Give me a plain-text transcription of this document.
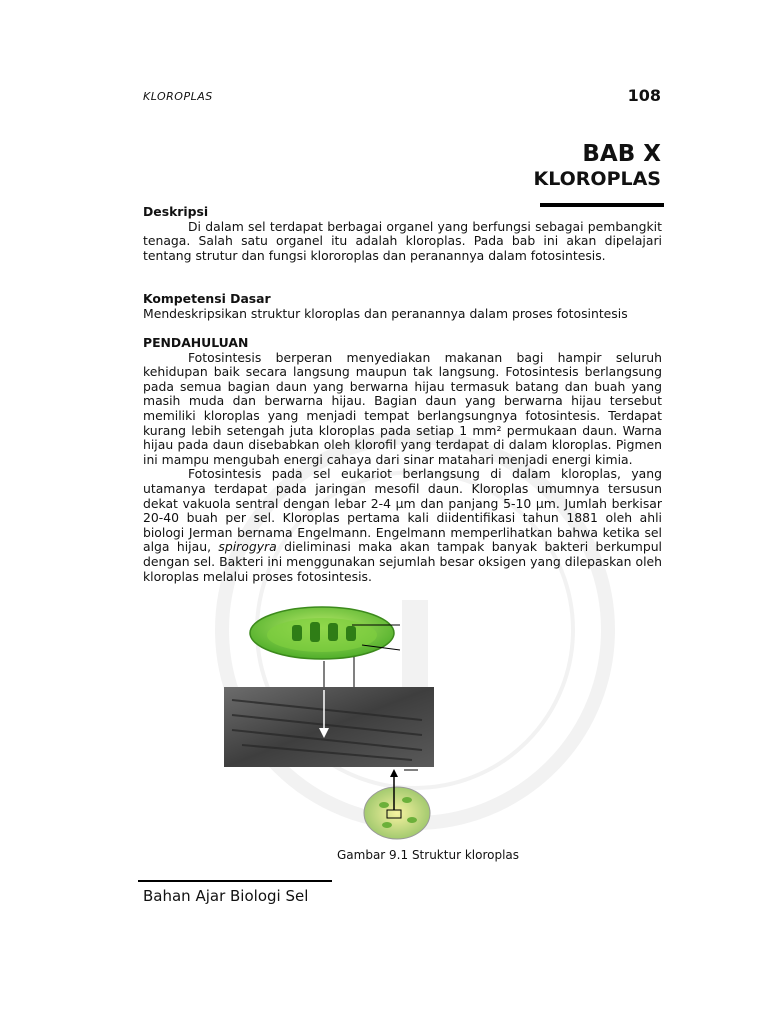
KLOROPLAS	108
BAB X
KLOROPLAS
Deskripsi
Di dalam sel terdapat berbagai organel yang berfungsi sebagai pembangkit tenaga. Salah satu organel itu adalah kloroplas. Pada bab ini akan dipelajari tentang strutur dan fungsi klororoplas dan peranannya dalam fotosintesis.
Kompetensi Dasar
Mendeskripsikan struktur kloroplas dan peranannya dalam proses fotosintesis
PENDAHULUAN
Fotosintesis berperan menyediakan makanan bagi hampir seluruh kehidupan baik secara langsung maupun tak langsung. Fotosintesis berlangsung pada semua bagian daun yang berwarna hijau termasuk batang dan buah yang masih muda dan berwarna hijau. Bagian daun yang berwarna hijau tersebut memiliki kloroplas yang menjadi tempat berlangsungnya fotosintesis. Terdapat kurang lebih setengah juta kloroplas pada setiap 1 mm² permukaan daun. Warna hijau pada daun disebabkan oleh klorofil yang terdapat di dalam kloroplas. Pigmen ini mampu mengubah energi cahaya dari sinar matahari menjadi energi kimia.
Fotosintesis pada sel eukariot berlangsung di dalam kloroplas, yang utamanya terdapat pada jaringan mesofil daun. Kloroplas umumnya tersusun dekat vakuola sentral dengan lebar 2-4 µm dan panjang 5-10 µm. Jumlah berkisar 20-40 buah per sel. Kloroplas pertama kali diidentifikasi tahun 1881 oleh ahli biologi Jerman bernama Engelmann. Engelmann memperlihatkan bahwa ketika sel alga hijau, spirogyra dieliminasi maka akan tampak banyak bakteri berkumpul dengan sel. Bakteri ini menggunakan sejumlah besar oksigen yang dilepaskan oleh kloroplas melalui proses fotosintesis.
Gambar 9.1 Struktur kloroplas
Bahan Ajar Biologi Sel
